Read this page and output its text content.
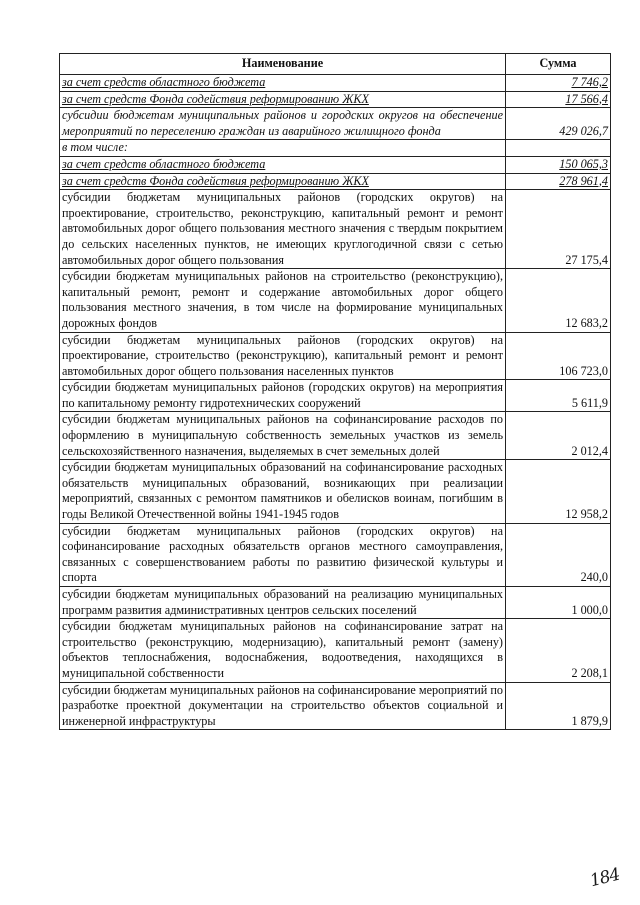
Наименование	Сумма
за счет средств областного бюджета	7 746,2
за счет средств Фонда содействия реформированию ЖКХ	17 566,4
субсидии бюджетам муниципальных районов и городских округов на обеспечение мероприятий по переселению граждан из аварийного жилищного фонда	429 026,7
в том числе:	
за счет средств областного бюджета	150 065,3
за счет средств Фонда содействия реформированию ЖКХ	278 961,4
субсидии бюджетам муниципальных районов (городских округов) на проектирование, строительство, реконструкцию, капитальный ремонт и ремонт автомобильных дорог общего пользования местного значения с твердым покрытием до сельских населенных пунктов, не имеющих круглогодичной связи с сетью автомобильных дорог общего пользования	27 175,4
субсидии бюджетам муниципальных районов на строительство (реконструкцию), капитальный ремонт, ремонт и содержание автомобильных дорог общего пользования местного значения, в том числе на формирование муниципальных дорожных фондов	12 683,2
субсидии бюджетам муниципальных районов (городских округов) на проектирование, строительство (реконструкцию), капитальный ремонт и ремонт автомобильных дорог общего пользования населенных пунктов	106 723,0
субсидии бюджетам муниципальных районов (городских округов) на мероприятия по капитальному ремонту гидротехнических сооружений	5 611,9
субсидии бюджетам муниципальных районов на софинансирование расходов по оформлению в муниципальную собственность земельных участков из земель сельскохозяйственного назначения, выделяемых в счет земельных долей	2 012,4
субсидии бюджетам муниципальных образований на софинансирование расходных обязательств муниципальных образований, возникающих при реализации мероприятий, связанных с ремонтом памятников и обелисков воинам, погибшим в годы Великой Отечественной войны 1941-1945 годов	12 958,2
субсидии бюджетам муниципальных районов (городских округов) на софинансирование расходных обязательств органов местного самоуправления, связанных с совершенствованием работы по развитию физической культуры и спорта	240,0
субсидии бюджетам муниципальных образований на реализацию муниципальных программ развития административных центров сельских поселений	1 000,0
субсидии бюджетам муниципальных районов на софинансирование затрат на строительство (реконструкцию, модернизацию), капитальный ремонт (замену) объектов теплоснабжения, водоснабжения, водоотведения, находящихся в муниципальной собственности	2 208,1
субсидии бюджетам муниципальных районов на софинансирование мероприятий по разработке проектной документации на строительство объектов социальной и инженерной инфраструктуры	1 879,9
184
